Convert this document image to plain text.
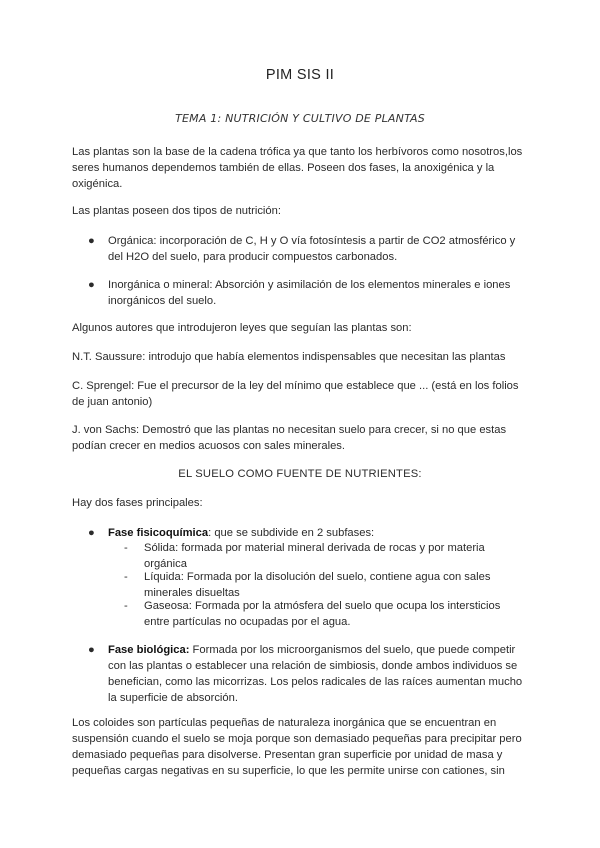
PIM SIS II
TEMA 1: NUTRICIÓN Y CULTIVO DE PLANTAS

Las plantas son la base de la cadena trófica ya que tanto los herbívoros como nosotros,los seres humanos dependemos también de ellas. Poseen dos fases, la anoxigénica y la oxigénica.

Las plantas poseen dos tipos de nutrición:

●	Orgánica: incorporación de C, H y O vía fotosíntesis a partir de CO2 atmosférico y del H2O del suelo, para producir compuestos carbonados.
●	Inorgánica o mineral: Absorción y asimilación de los elementos minerales e iones inorgánicos del suelo.

Algunos autores que introdujeron leyes que seguían las plantas son:

N.T. Saussure: introdujo que había elementos indispensables que necesitan las plantas

C. Sprengel: Fue el precursor de la ley del mínimo que establece que ... (está en los folios de juan antonio)

J. von Sachs: Demostró que las plantas no necesitan suelo para crecer, si no que estas podían crecer en medios acuosos con sales minerales.

EL SUELO COMO FUENTE DE NUTRIENTES:

Hay dos fases principales:

●	Fase fisicoquímica: que se subdivide en 2 subfases:
- Sólida: formada por material mineral derivada de rocas y por materia orgánica
- Líquida: Formada por la disolución del suelo, contiene agua con sales minerales disueltas
- Gaseosa: Formada por la atmósfera del suelo que ocupa los intersticios entre partículas no ocupadas por el agua.
●	Fase biológica: Formada por los microorganismos del suelo, que puede competir con las plantas o establecer una relación de simbiosis, donde ambos individuos se benefician, como las micorrizas. Los pelos radicales de las raíces aumentan mucho la superficie de absorción.

Los coloides son partículas pequeñas de naturaleza inorgánica que se encuentran en suspensión cuando el suelo se moja porque son demasiado pequeñas para precipitar pero demasiado pequeñas para disolverse. Presentan gran superficie por unidad de masa y pequeñas cargas negativas en su superficie, lo que les permite unirse con cationes, sin
